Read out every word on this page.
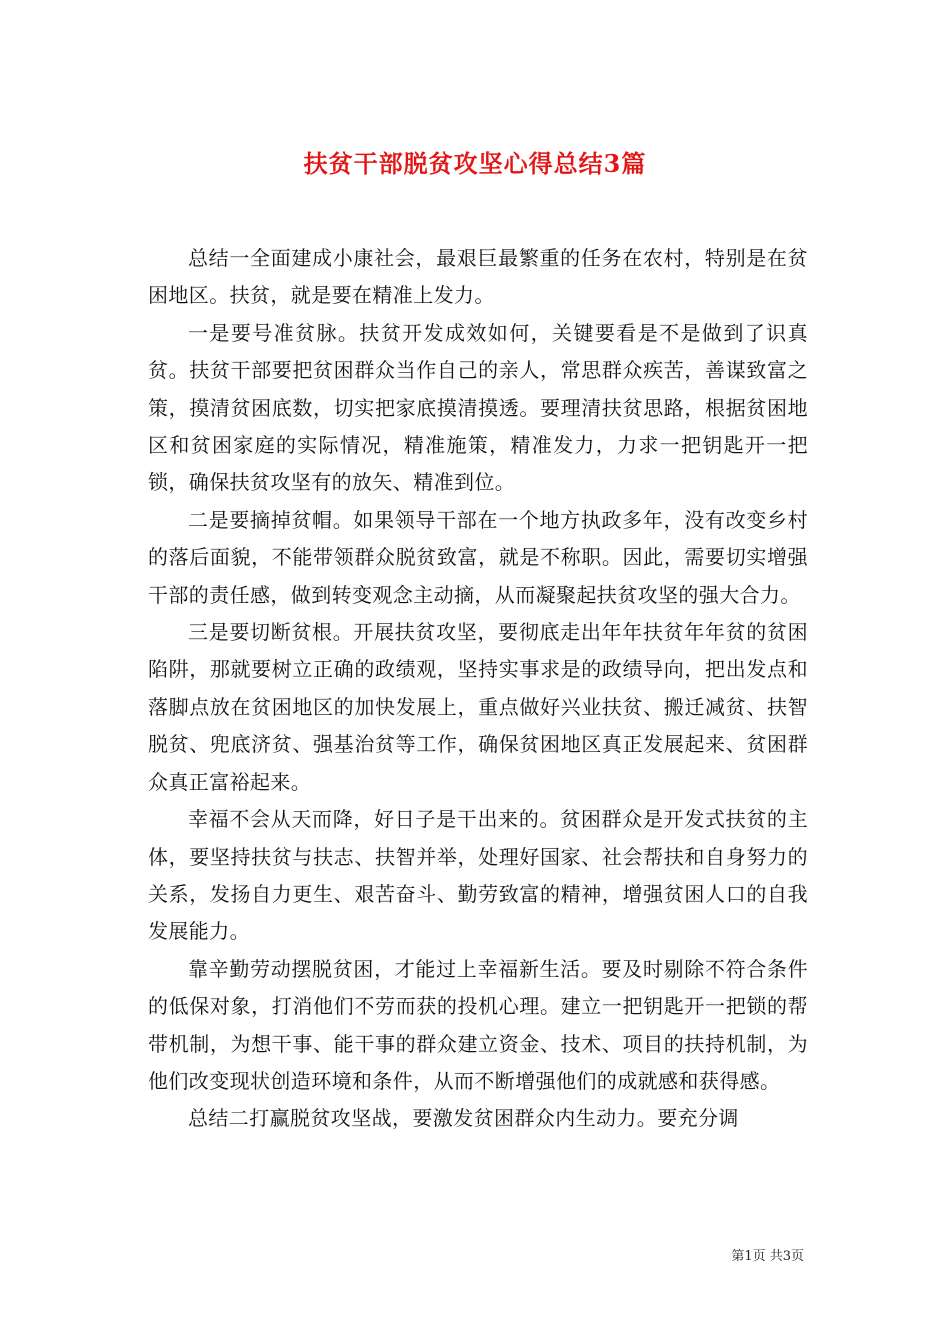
扶贫干部脱贫攻坚心得总结3篇

总结一全面建成小康社会，最艰巨最繁重的任务在农村，特别是在贫困地区。扶贫，就是要在精准上发力。

一是要号准贫脉。扶贫开发成效如何，关键要看是不是做到了识真贫。扶贫干部要把贫困群众当作自己的亲人，常思群众疾苦，善谋致富之策，摸清贫困底数，切实把家底摸清摸透。要理清扶贫思路，根据贫困地区和贫困家庭的实际情况，精准施策，精准发力，力求一把钥匙开一把锁，确保扶贫攻坚有的放矢、精准到位。

二是要摘掉贫帽。如果领导干部在一个地方执政多年，没有改变乡村的落后面貌，不能带领群众脱贫致富，就是不称职。因此，需要切实增强干部的责任感，做到转变观念主动摘，从而凝聚起扶贫攻坚的强大合力。

三是要切断贫根。开展扶贫攻坚，要彻底走出年年扶贫年年贫的贫困陷阱，那就要树立正确的政绩观，坚持实事求是的政绩导向，把出发点和落脚点放在贫困地区的加快发展上，重点做好兴业扶贫、搬迁减贫、扶智脱贫、兜底济贫、强基治贫等工作，确保贫困地区真正发展起来、贫困群众真正富裕起来。

幸福不会从天而降，好日子是干出来的。贫困群众是开发式扶贫的主体，要坚持扶贫与扶志、扶智并举，处理好国家、社会帮扶和自身努力的关系，发扬自力更生、艰苦奋斗、勤劳致富的精神，增强贫困人口的自我发展能力。

靠辛勤劳动摆脱贫困，才能过上幸福新生活。要及时剔除不符合条件的低保对象，打消他们不劳而获的投机心理。建立一把钥匙开一把锁的帮带机制，为想干事、能干事的群众建立资金、技术、项目的扶持机制，为他们改变现状创造环境和条件，从而不断增强他们的成就感和获得感。

总结二打赢脱贫攻坚战，要激发贫困群众内生动力。要充分调

第1页 共3页
